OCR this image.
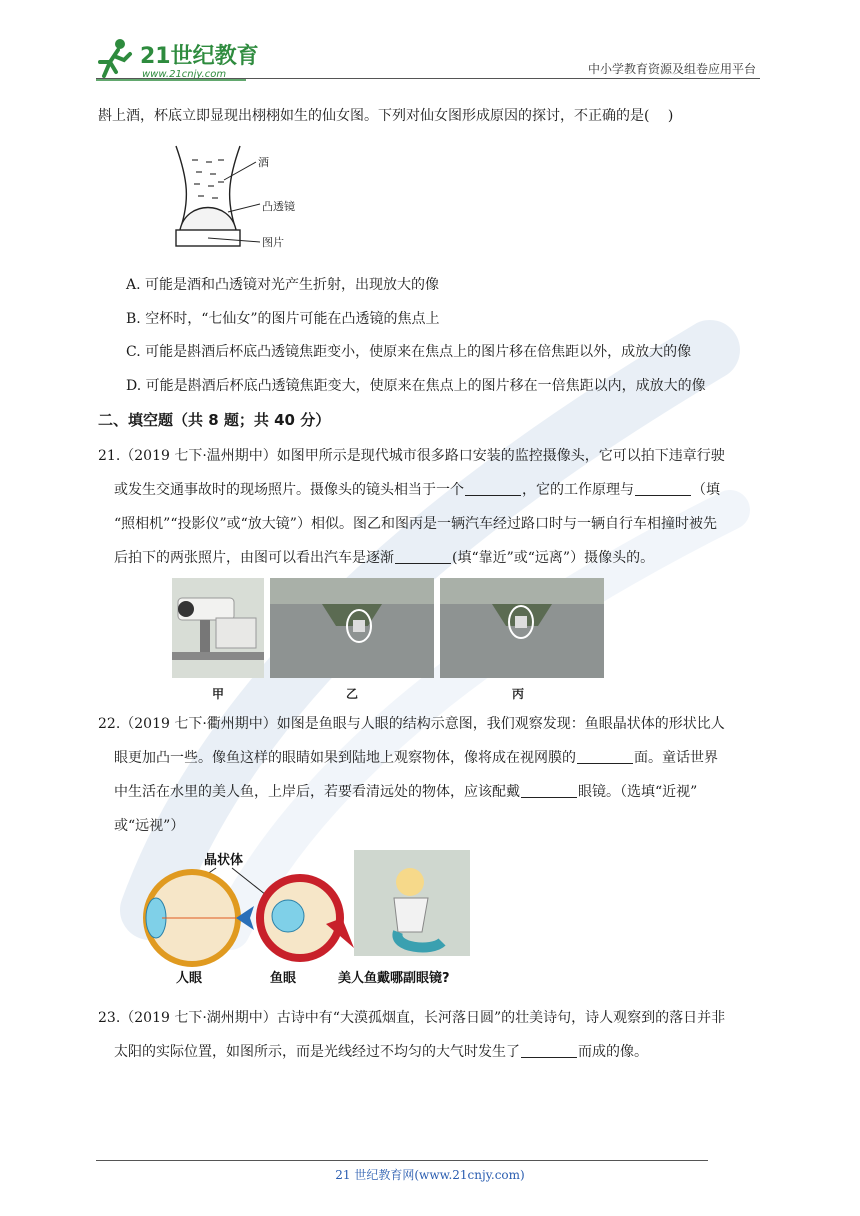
21世纪教育
www.21cnjy.com	中小学教育资源及组卷应用平台
斟上酒，杯底立即显现出栩栩如生的仙女图。下列对仙女图形成原因的探讨，不正确的是(　 )
酒
凸透镜
图片
A. 可能是酒和凸透镜对光产生折射，出现放大的像
B. 空杯时，“七仙女”的图片可能在凸透镜的焦点上
C. 可能是斟酒后杯底凸透镜焦距变小，使原来在焦点上的图片移在倍焦距以外，成放大的像
D. 可能是斟酒后杯底凸透镜焦距变大，使原来在焦点上的图片移在一倍焦距以内，成放大的像
二、填空题（共 8 题；共 40 分）
21.（2019 七下·温州期中）如图甲所示是现代城市很多路口安装的监控摄像头，它可以拍下违章行驶
或发生交通事故时的现场照片。摄像头的镜头相当于一个	，它的工作原理与	（填
“照相机”“投影仪”或“放大镜”）相似。图乙和图丙是一辆汽车经过路口时与一辆自行车相撞时被先
后拍下的两张照片，由图可以看出汽车是逐渐	(填“靠近”或“远离”）摄像头的。
甲	乙	丙
22.（2019 七下·衢州期中）如图是鱼眼与人眼的结构示意图，我们观察发现：鱼眼晶状体的形状比人
眼更加凸一些。像鱼这样的眼睛如果到陆地上观察物体，像将成在视网膜的	面。童话世界
中生活在水里的美人鱼，上岸后，若要看清远处的物体，应该配戴	眼镜。（选填“近视”
或“远视”）
晶状体
人眼	鱼眼	美人鱼戴哪副眼镜?
23.（2019 七下·湖州期中）古诗中有“大漠孤烟直，长河落日圆”的壮美诗句，诗人观察到的落日并非
太阳的实际位置，如图所示，而是光线经过不均匀的大气时发生了	而成的像。
21 世纪教育网(www.21cnjy.com)
